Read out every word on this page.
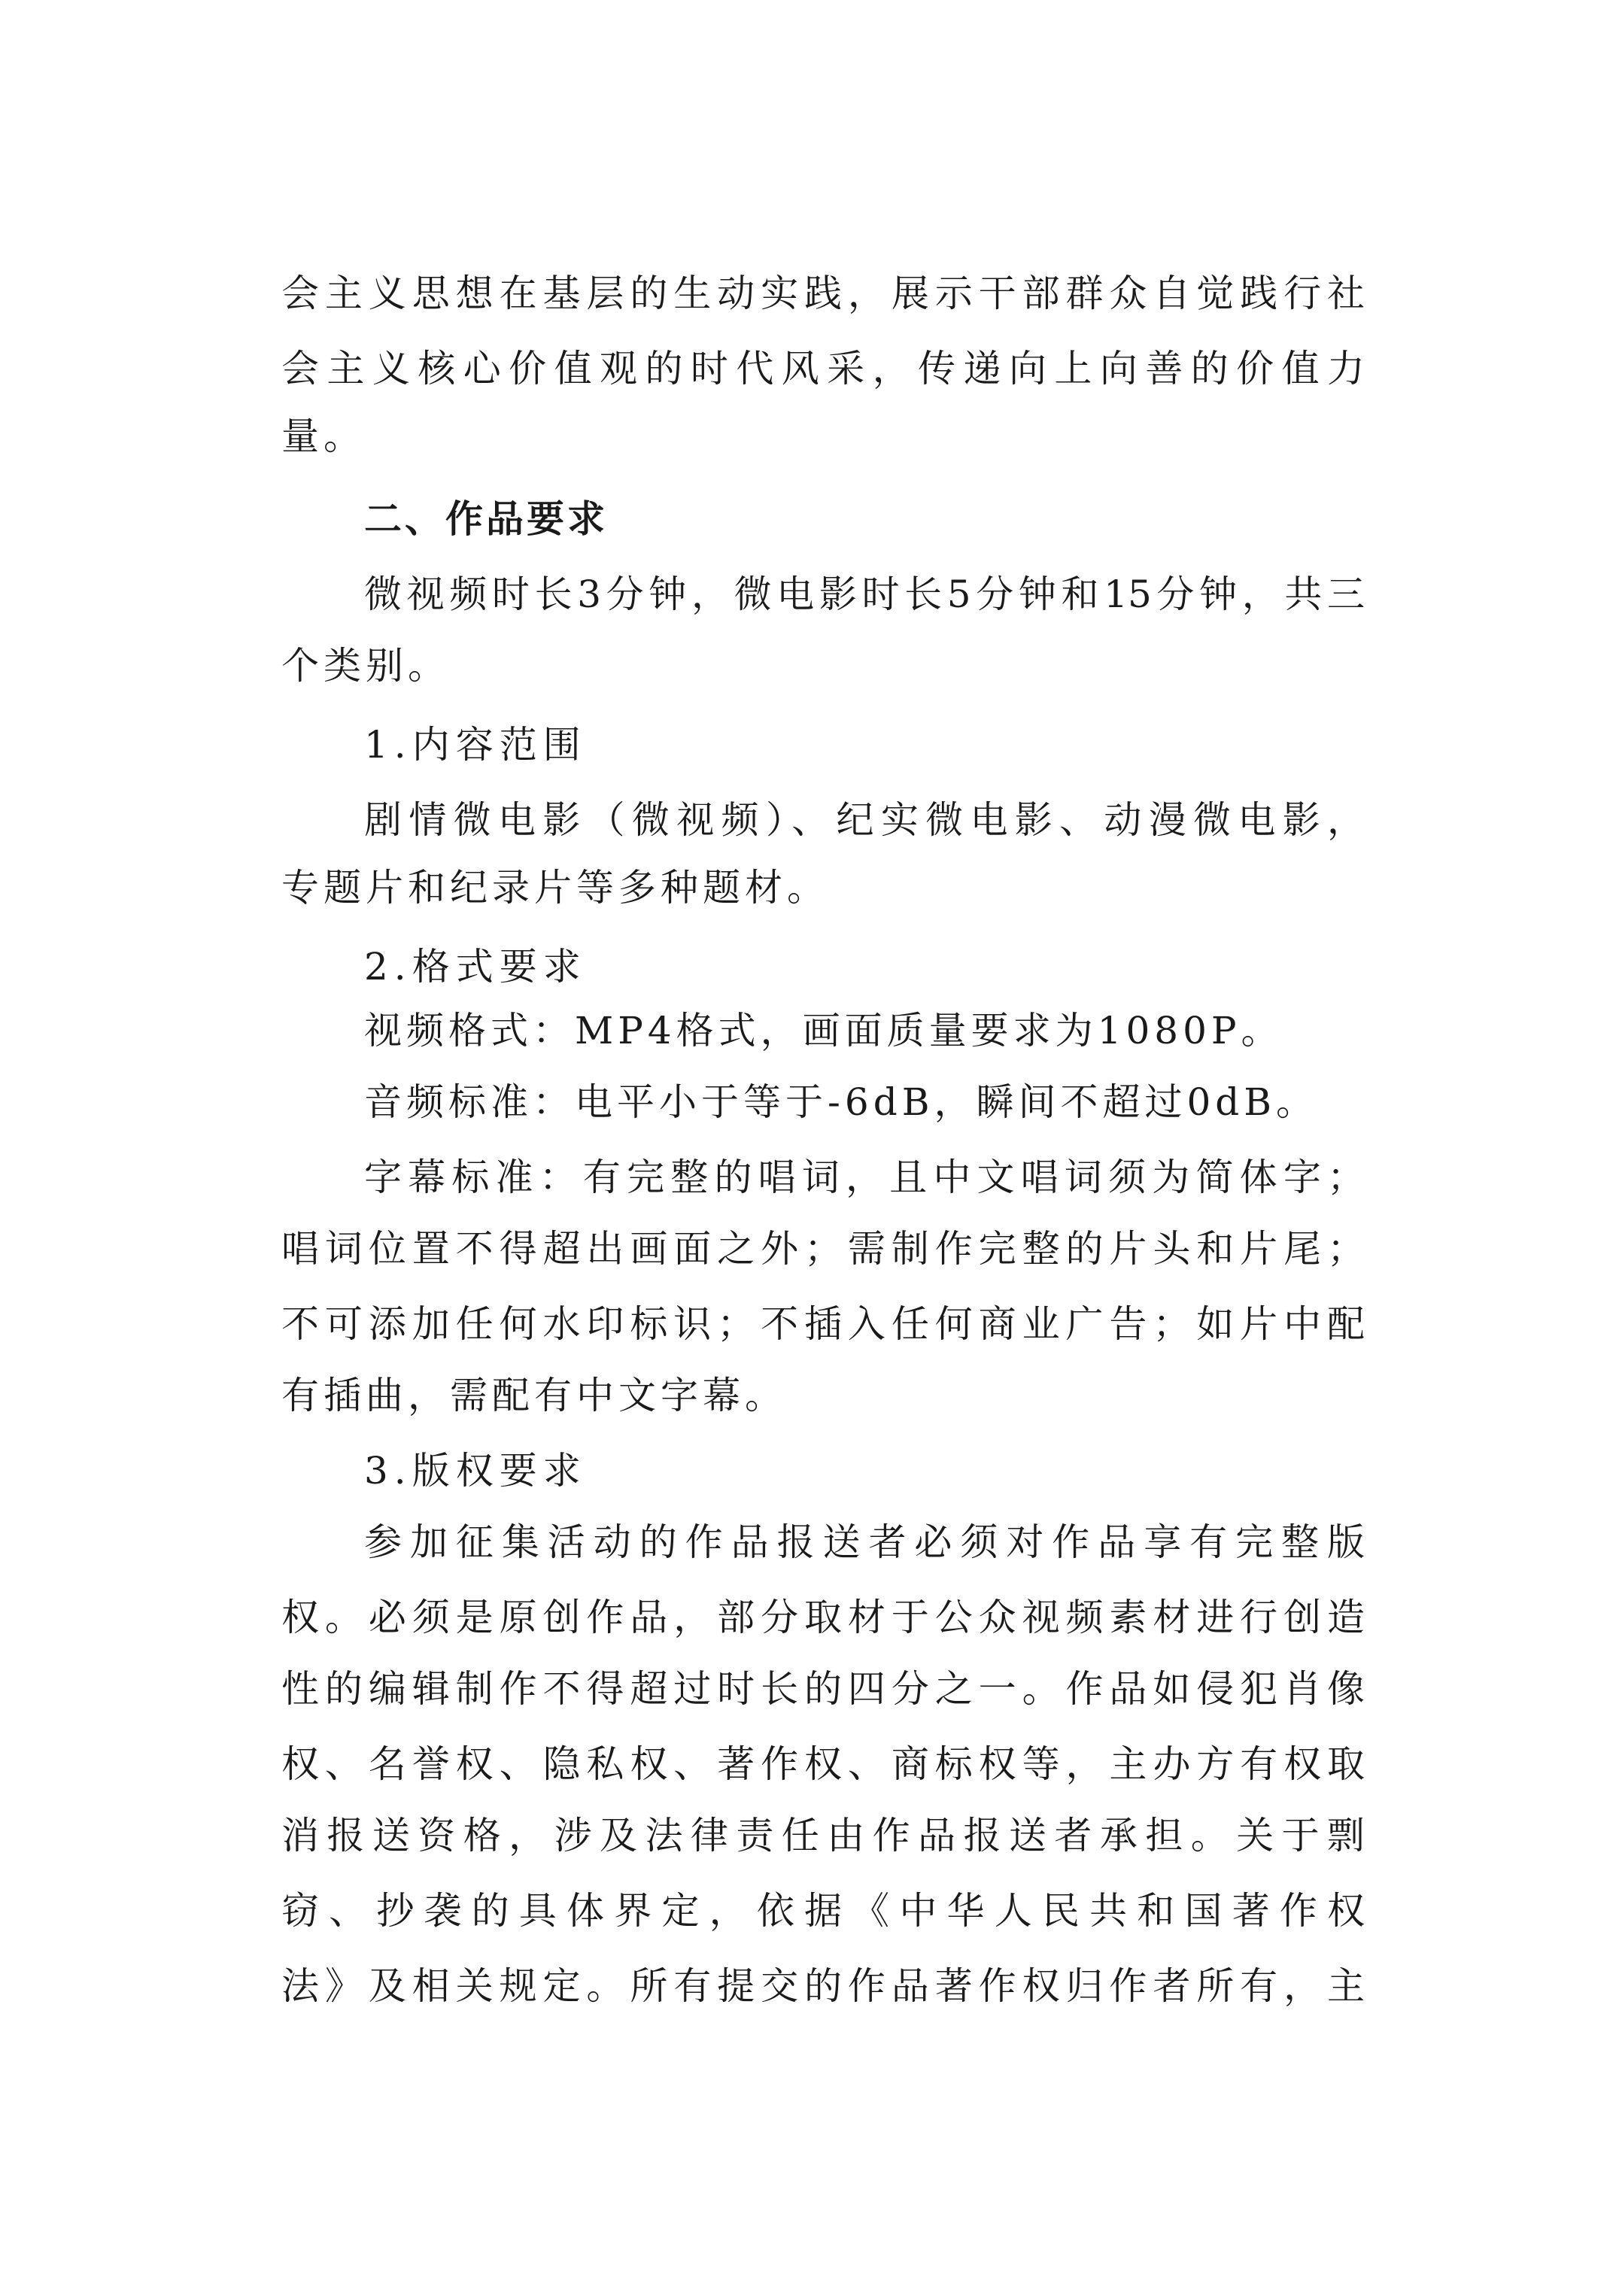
会主义思想在基层的生动实践，展示干部群众自觉践行社
会主义核心价值观的时代风采，传递向上向善的价值力
量。
二、作品要求
微视频时长3分钟，微电影时长5分钟和15分钟，共三
个类别。
1.内容范围
剧情微电影（微视频）、纪实微电影、动漫微电影，
专题片和纪录片等多种题材。
2.格式要求
视频格式：MP4格式，画面质量要求为1080P。
音频标准：电平小于等于-6dB，瞬间不超过0dB。
字幕标准：有完整的唱词，且中文唱词须为简体字；
唱词位置不得超出画面之外；需制作完整的片头和片尾；
不可添加任何水印标识；不插入任何商业广告；如片中配
有插曲，需配有中文字幕。
3.版权要求
参加征集活动的作品报送者必须对作品享有完整版
权。必须是原创作品，部分取材于公众视频素材进行创造
性的编辑制作不得超过时长的四分之一。作品如侵犯肖像
权、名誉权、隐私权、著作权、商标权等，主办方有权取
消报送资格，涉及法律责任由作品报送者承担。关于剽
窃、抄袭的具体界定，依据《中华人民共和国著作权
法》及相关规定。所有提交的作品著作权归作者所有，主
